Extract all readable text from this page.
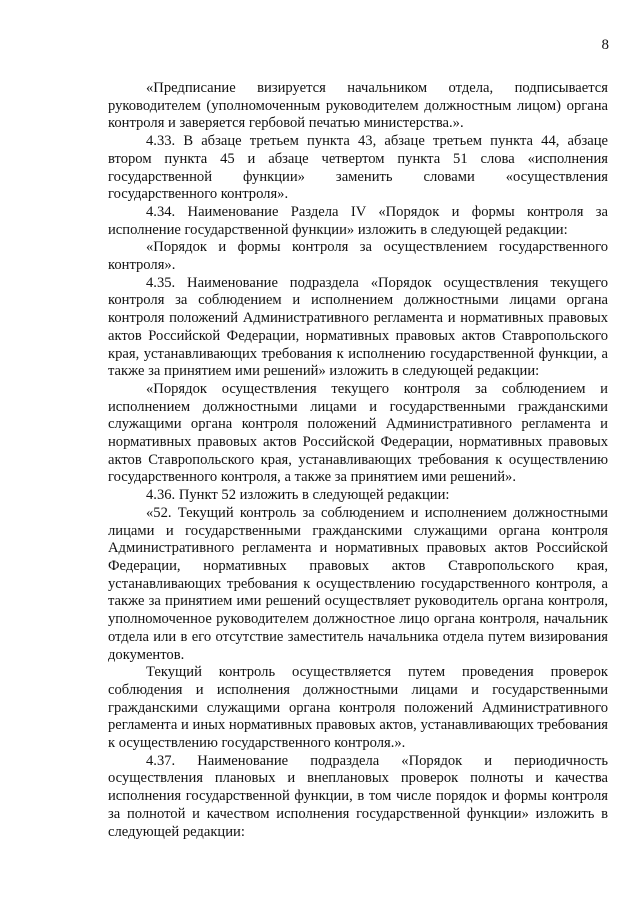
8

«Предписание визируется начальником отдела, подписывается руководителем (уполномоченным руководителем должностным лицом) органа контроля и заверяется гербовой печатью министерства.».

4.33. В абзаце третьем пункта 43, абзаце третьем пункта 44, абзаце втором пункта 45 и абзаце четвертом пункта 51 слова «исполнения государственной функции» заменить словами «осуществления государственного контроля».

4.34. Наименование Раздела IV «Порядок и формы контроля за исполнение государственной функции» изложить в следующей редакции:

«Порядок и формы контроля за осуществлением государственного контроля».

4.35. Наименование подраздела «Порядок осуществления текущего контроля за соблюдением и исполнением должностными лицами органа контроля положений Административного регламента и нормативных правовых актов Российской Федерации, нормативных правовых актов Ставропольского края, устанавливающих требования к исполнению государственной функции, а также за принятием ими решений» изложить в следующей редакции:

«Порядок осуществления текущего контроля за соблюдением и исполнением должностными лицами и государственными гражданскими служащими органа контроля положений Административного регламента и нормативных правовых актов Российской Федерации, нормативных правовых актов Ставропольского края, устанавливающих требования к осуществлению государственного контроля, а также за принятием ими решений».

4.36. Пункт 52 изложить в следующей редакции:

«52. Текущий контроль за соблюдением и исполнением должностными лицами и государственными гражданскими служащими органа контроля Административного регламента и нормативных правовых актов Российской Федерации, нормативных правовых актов Ставропольского края, устанавливающих требования к осуществлению государственного контроля, а также за принятием ими решений осуществляет руководитель органа контроля, уполномоченное руководителем должностное лицо органа контроля, начальник отдела или в его отсутствие заместитель начальника отдела путем визирования документов.

Текущий контроль осуществляется путем проведения проверок соблюдения и исполнения должностными лицами и государственными гражданскими служащими органа контроля положений Административного регламента и иных нормативных правовых актов, устанавливающих требования к осуществлению государственного контроля.».

4.37. Наименование подраздела «Порядок и периодичность осуществления плановых и внеплановых проверок полноты и качества исполнения государственной функции, в том числе порядок и формы контроля за полнотой и качеством исполнения государственной функции» изложить в следующей редакции:
